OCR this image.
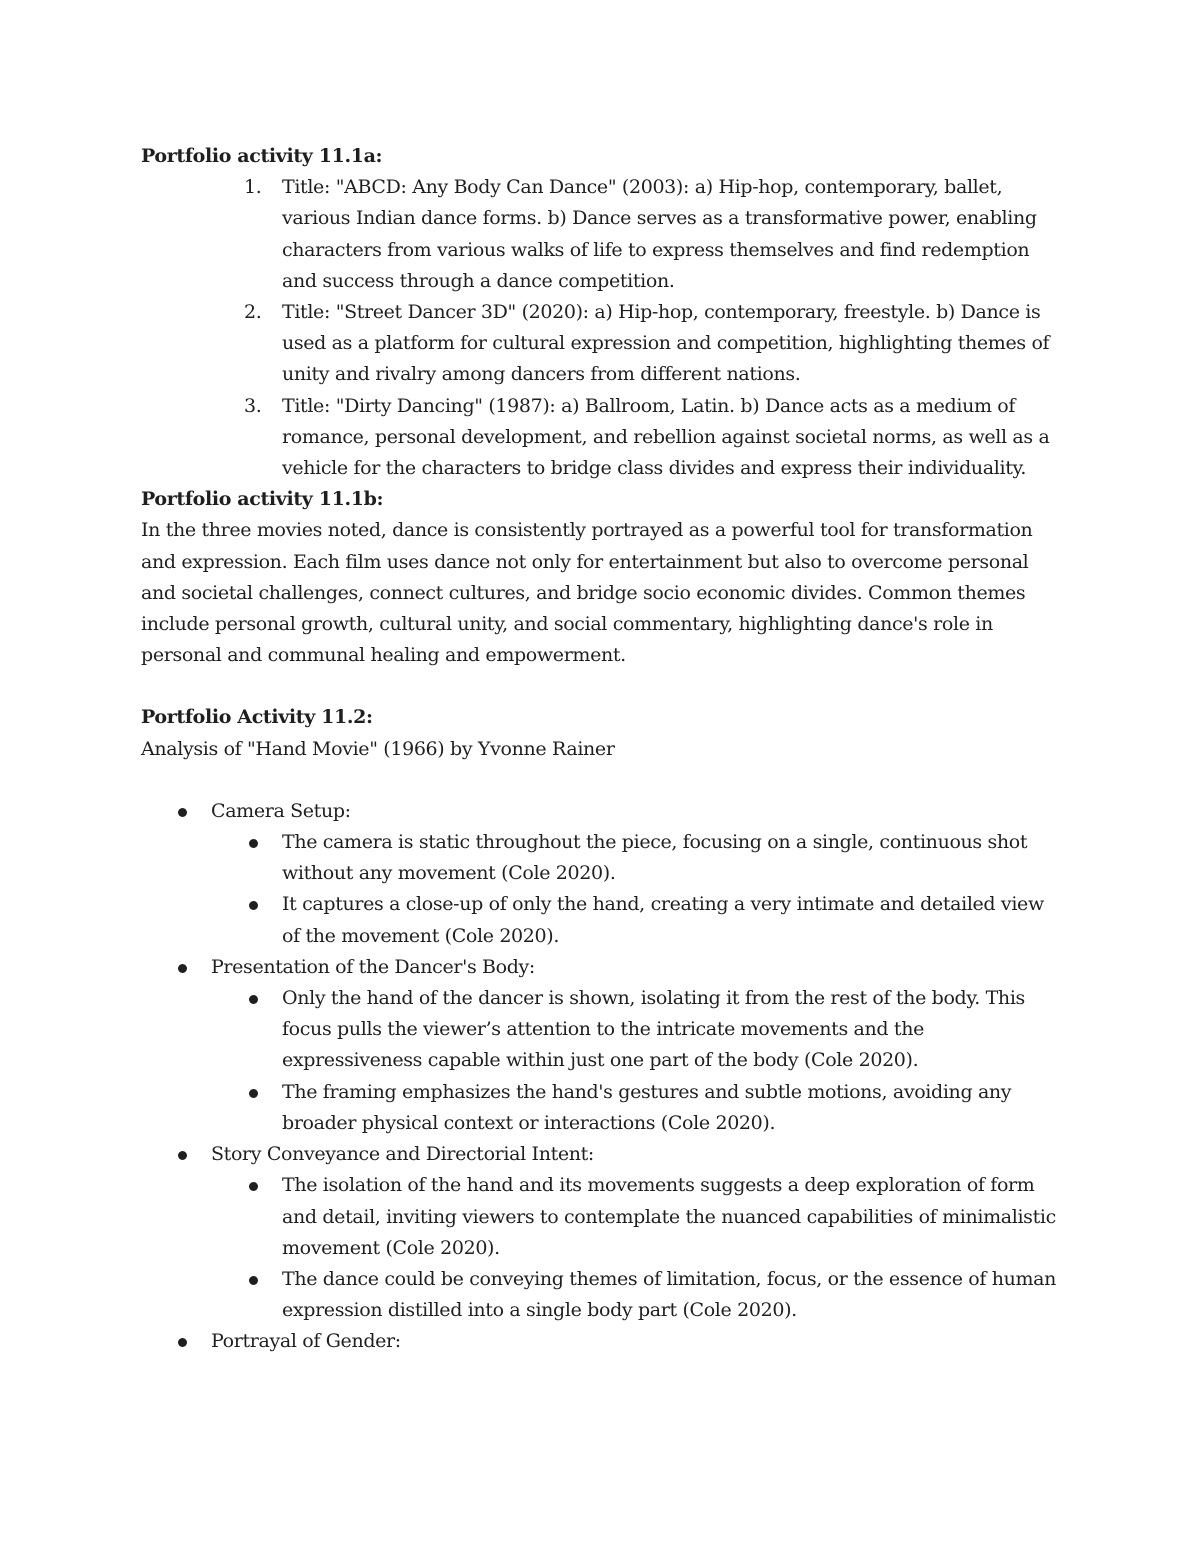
Portfolio activity 11.1a:

1. Title: "ABCD: Any Body Can Dance" (2003): a) Hip-hop, contemporary, ballet, various Indian dance forms. b) Dance serves as a transformative power, enabling characters from various walks of life to express themselves and find redemption and success through a dance competition.
2. Title: "Street Dancer 3D" (2020): a) Hip-hop, contemporary, freestyle. b) Dance is used as a platform for cultural expression and competition, highlighting themes of unity and rivalry among dancers from different nations.
3. Title: "Dirty Dancing" (1987): a) Ballroom, Latin. b) Dance acts as a medium of romance, personal development, and rebellion against societal norms, as well as a vehicle for the characters to bridge class divides and express their individuality.

Portfolio activity 11.1b:

In the three movies noted, dance is consistently portrayed as a powerful tool for transformation and expression. Each film uses dance not only for entertainment but also to overcome personal and societal challenges, connect cultures, and bridge socio economic divides. Common themes include personal growth, cultural unity, and social commentary, highlighting dance's role in personal and communal healing and empowerment.

Portfolio Activity 11.2:

Analysis of "Hand Movie" (1966) by Yvonne Rainer

Camera Setup:
The camera is static throughout the piece, focusing on a single, continuous shot without any movement (Cole 2020).
It captures a close-up of only the hand, creating a very intimate and detailed view of the movement (Cole 2020).
Presentation of the Dancer's Body:
Only the hand of the dancer is shown, isolating it from the rest of the body. This focus pulls the viewer’s attention to the intricate movements and the expressiveness capable within just one part of the body (Cole 2020).
The framing emphasizes the hand's gestures and subtle motions, avoiding any broader physical context or interactions (Cole 2020).
Story Conveyance and Directorial Intent:
The isolation of the hand and its movements suggests a deep exploration of form and detail, inviting viewers to contemplate the nuanced capabilities of minimalistic movement (Cole 2020).
The dance could be conveying themes of limitation, focus, or the essence of human expression distilled into a single body part (Cole 2020).
Portrayal of Gender:
